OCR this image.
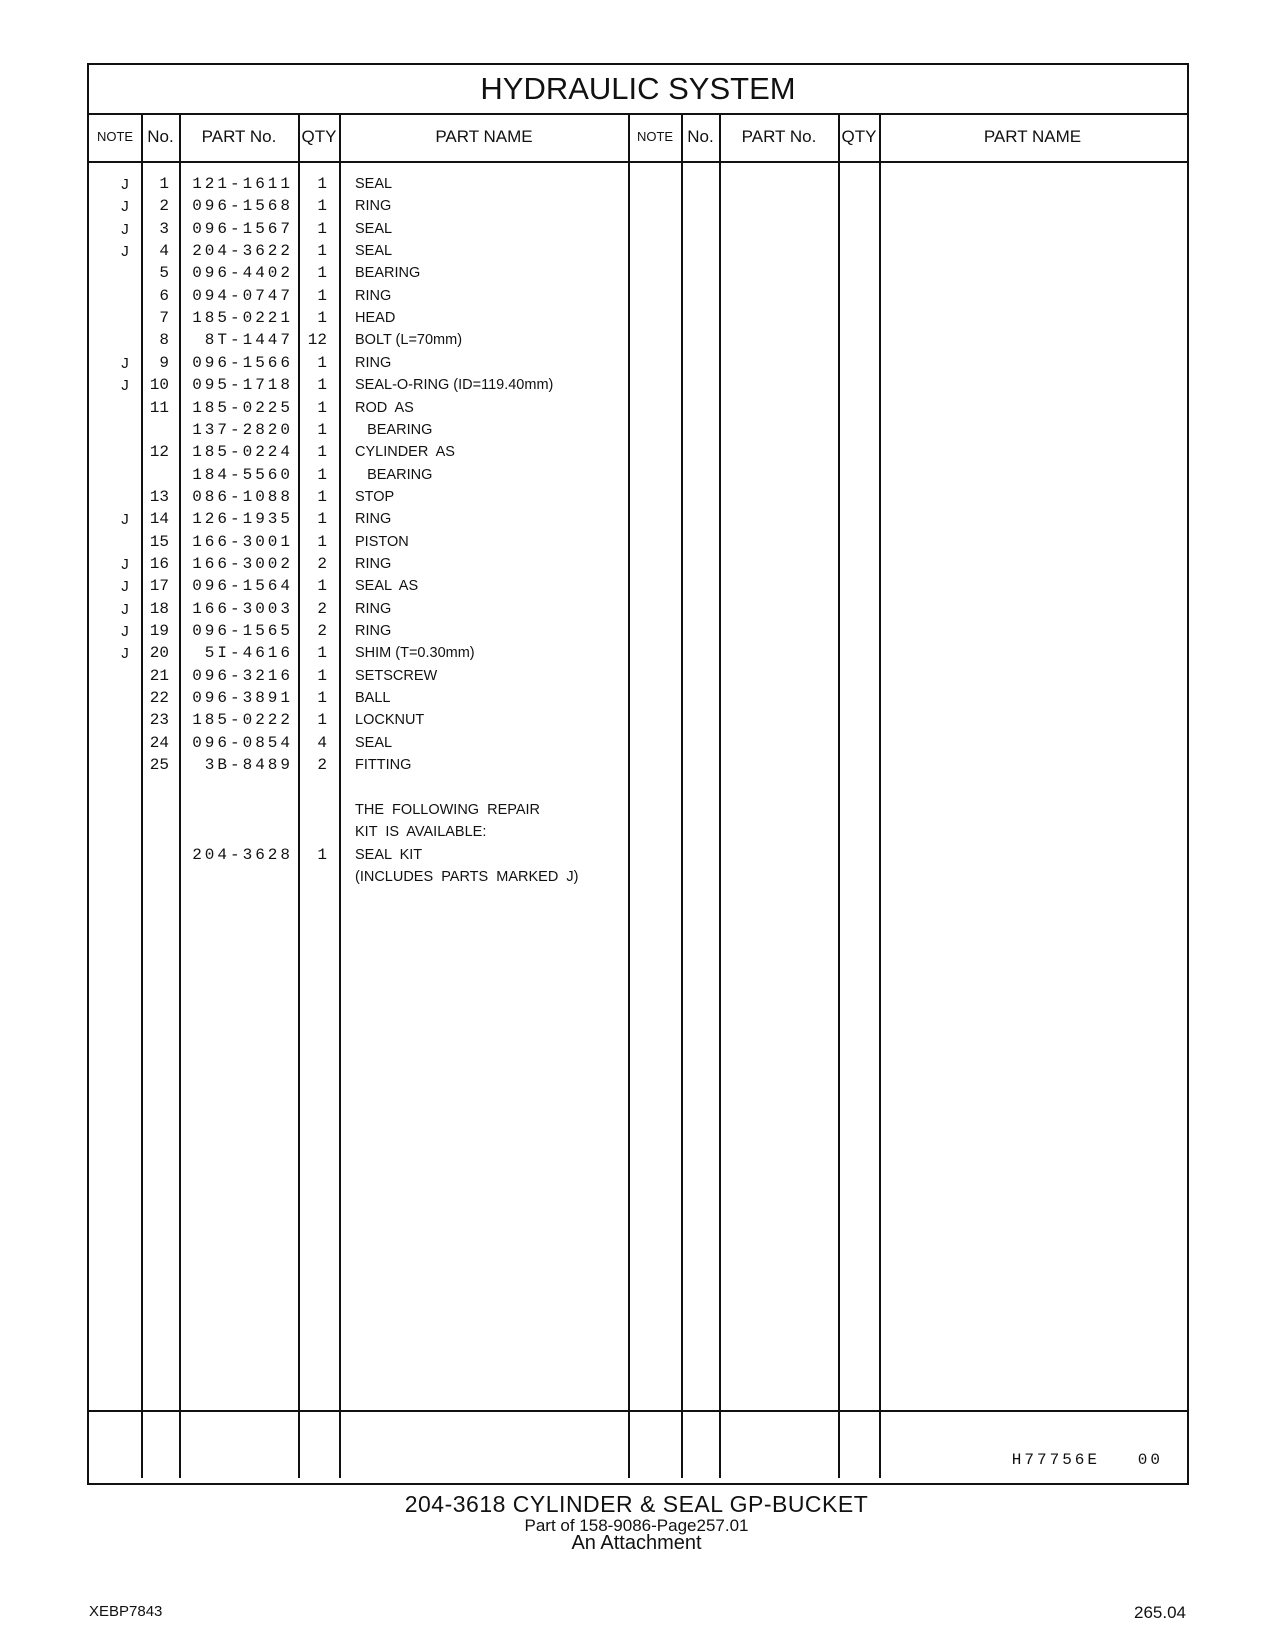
HYDRAULIC SYSTEM
NOTE No.	PART No.	QTY	PART NAME	NOTE No.	PART No.	QTY	PART NAME
J	1	121-1611	1 SEAL
J	2	096-1568	1 RING
J	3	096-1567	1 SEAL
J	4	204-3622	1 SEAL
5	096-4402	1 BEARING
6	094-0747	1 RING
7	185-0221	1 HEAD
8	8T-1447 12 BOLT (L=70mm)
J	9	096-1566	1 RING
J	10	095-1718	1 SEAL-O-RING (ID=119.40mm)
11	185-0225	1 ROD  AS
137-2820	1 BEARING
12	185-0224	1 CYLINDER  AS
184-5560	1 BEARING
13	086-1088	1 STOP
J	14	126-1935	1 RING
15	166-3001	1 PISTON
J	16	166-3002	2 RING
J	17	096-1564	1 SEAL  AS
J	18	166-3003	2 RING
J	19	096-1565	2 RING
J	20	5I-4616	1 SHIM (T=0.30mm)
21	096-3216	1 SETSCREW
22	096-3891	1 BALL
23	185-0222	1 LOCKNUT
24	096-0854	4 SEAL
25	3B-8489	2 FITTING
THE  FOLLOWING  REPAIR
KIT  IS  AVAILABLE:
204-3628	1 SEAL  KIT
(INCLUDES  PARTS  MARKED  J)
H77756E   00
204-3618 CYLINDER & SEAL GP-BUCKET
Part of 158-9086-Page257.01
An Attachment
XEBP7843	265.04
